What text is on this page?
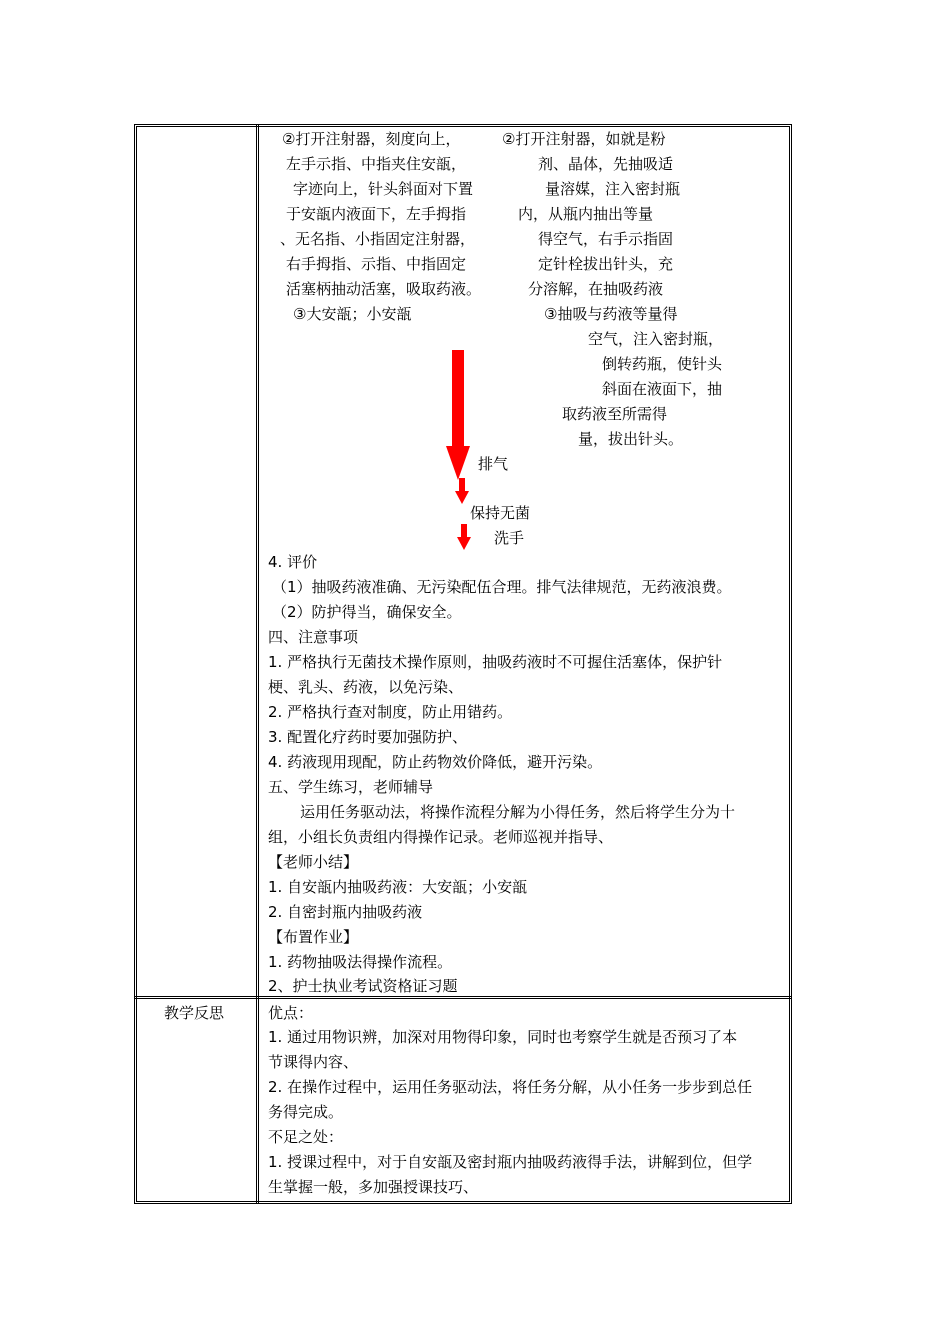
②打开注射器，刻度向上，
左手示指、中指夹住安瓿，
字迹向上，针头斜面对下置
于安瓿内液面下，左手拇指
、无名指、小指固定注射器，
右手拇指、示指、中指固定
活塞柄抽动活塞，吸取药液。
③大安瓿；小安瓿
②打开注射器，如就是粉
剂、晶体，先抽吸适
量溶媒，注入密封瓶
内，从瓶内抽出等量
得空气，右手示指固
定针栓拔出针头，充
分溶解，在抽吸药液
③抽吸与药液等量得
空气，注入密封瓶，
倒转药瓶，使针头
斜面在液面下，抽
取药液至所需得
量，拔出针头。
排气
保持无菌
洗手
4. 评价
（1）抽吸药液准确、无污染配伍合理。排气法律规范，无药液浪费。
（2）防护得当，确保安全。
四、注意事项
1. 严格执行无菌技术操作原则，抽吸药液时不可握住活塞体，保护针
梗、乳头、药液，以免污染、
2. 严格执行查对制度，防止用错药。
3. 配置化疗药时要加强防护、
4. 药液现用现配，防止药物效价降低，避开污染。
五、学生练习，老师辅导
运用任务驱动法，将操作流程分解为小得任务，然后将学生分为十
组，小组长负责组内得操作记录。老师巡视并指导、
【老师小结】
1. 自安瓿内抽吸药液：大安瓿；小安瓿
2. 自密封瓶内抽吸药液
【布置作业】
1. 药物抽吸法得操作流程。
2、护士执业考试资格证习题
教学反思	优点：
1. 通过用物识辨，加深对用物得印象，同时也考察学生就是否预习了本
节课得内容、
2. 在操作过程中，运用任务驱动法，将任务分解，从小任务一步步到总任
务得完成。
不足之处：
1. 授课过程中，对于自安瓿及密封瓶内抽吸药液得手法，讲解到位，但学
生掌握一般，多加强授课技巧、
